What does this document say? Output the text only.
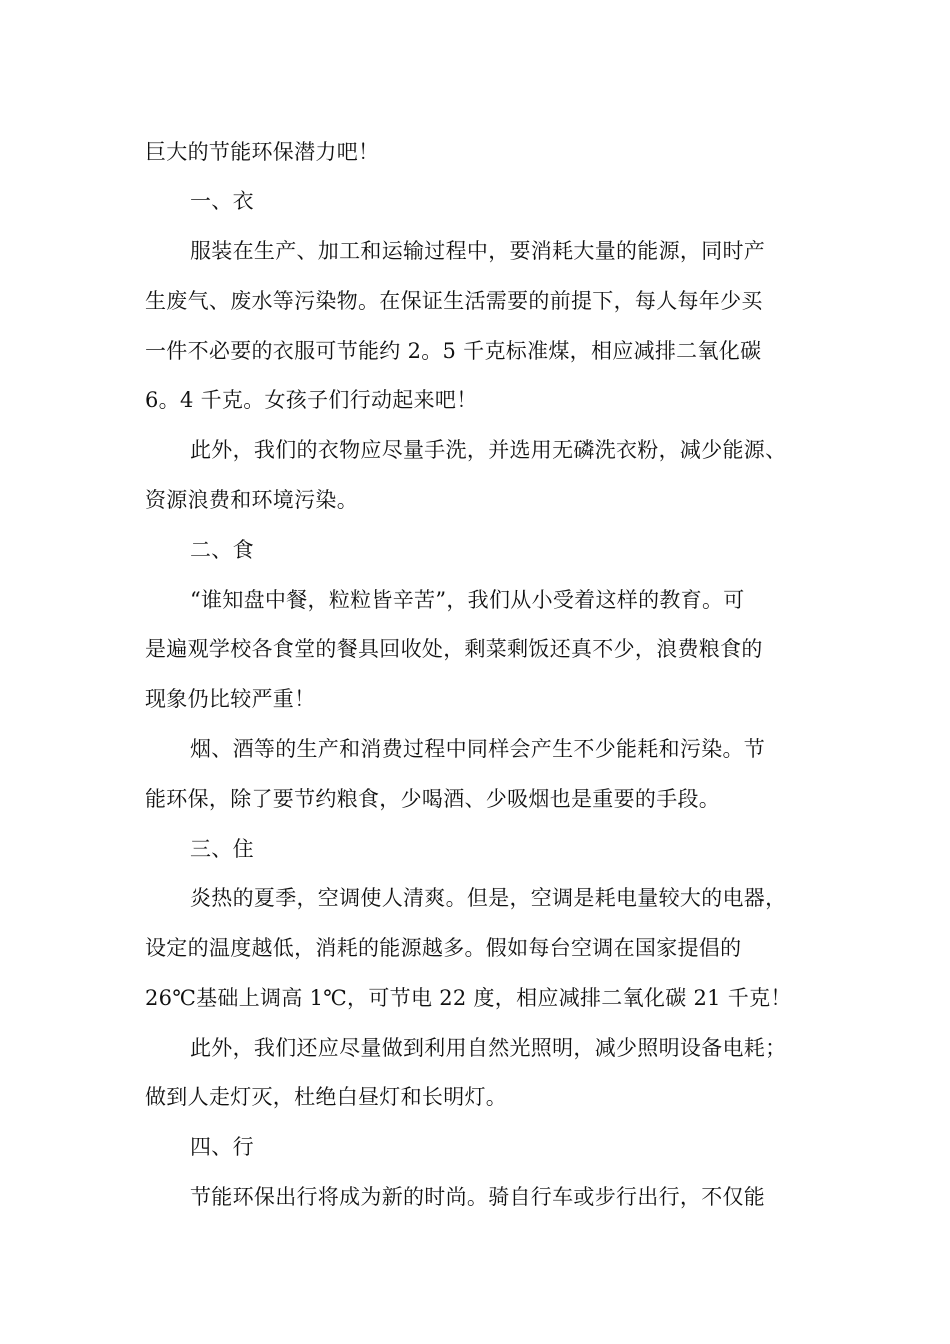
巨大的节能环保潜力吧！
一、衣
服装在生产、加工和运输过程中，要消耗大量的能源，同时产
生废气、废水等污染物。在保证生活需要的前提下，每人每年少买
一件不必要的衣服可节能约 2。5 千克标准煤，相应减排二氧化碳
6。4 千克。女孩子们行动起来吧！
此外，我们的衣物应尽量手洗，并选用无磷洗衣粉，减少能源、
资源浪费和环境污染。
二、食
“谁知盘中餐，粒粒皆辛苦”，我们从小受着这样的教育。可
是遍观学校各食堂的餐具回收处，剩菜剩饭还真不少，浪费粮食的
现象仍比较严重！
烟、酒等的生产和消费过程中同样会产生不少能耗和污染。节
能环保，除了要节约粮食，少喝酒、少吸烟也是重要的手段。
三、住
炎热的夏季，空调使人清爽。但是，空调是耗电量较大的电器，
设定的温度越低，消耗的能源越多。假如每台空调在国家提倡的
26℃基础上调高 1℃，可节电 22 度，相应减排二氧化碳 21 千克！
此外，我们还应尽量做到利用自然光照明，减少照明设备电耗；
做到人走灯灭，杜绝白昼灯和长明灯。
四、行
节能环保出行将成为新的时尚。骑自行车或步行出行，不仅能
